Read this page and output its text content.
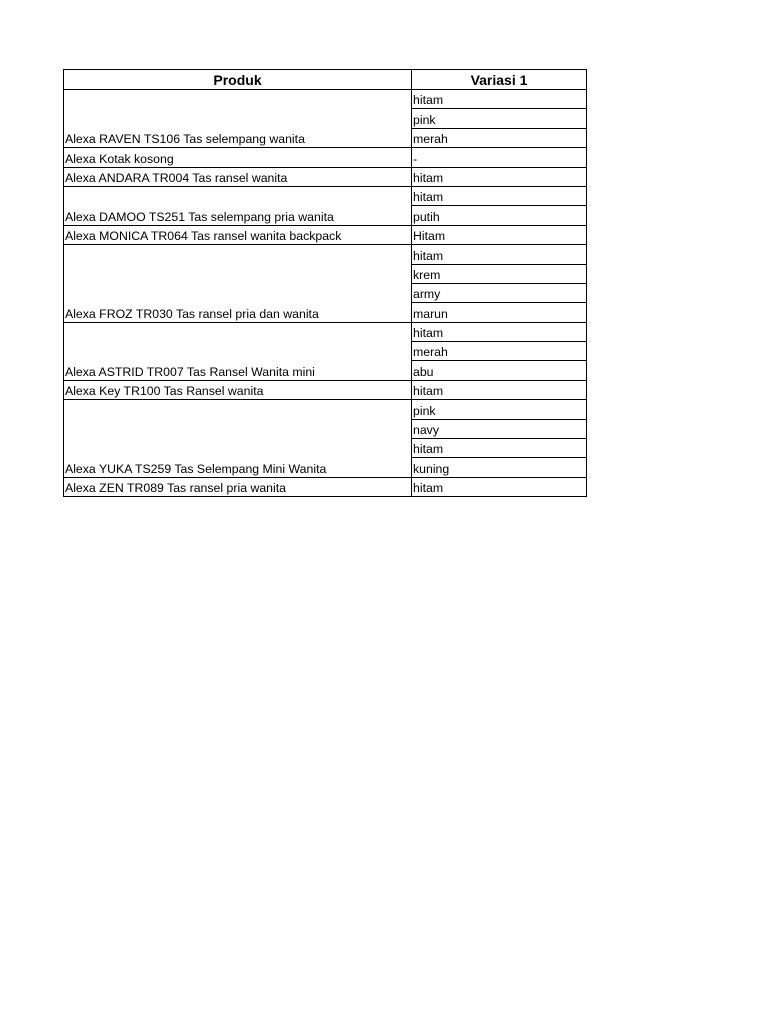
Produk	Variasi 1
Alexa RAVEN TS106 Tas selempang wanita	hitam
	pink
	merah
Alexa Kotak kosong	-
Alexa ANDARA TR004 Tas ransel wanita	hitam
Alexa DAMOO TS251 Tas selempang pria wanita	hitam
	putih
Alexa MONICA TR064 Tas ransel wanita backpack	Hitam
Alexa FROZ TR030 Tas ransel pria dan wanita	hitam
	krem
	army
	marun
Alexa ASTRID TR007 Tas Ransel Wanita mini	hitam
	merah
	abu
Alexa Key TR100 Tas Ransel wanita	hitam
Alexa YUKA TS259 Tas Selempang Mini Wanita	pink
	navy
	hitam
	kuning
Alexa ZEN TR089 Tas ransel pria wanita	hitam
